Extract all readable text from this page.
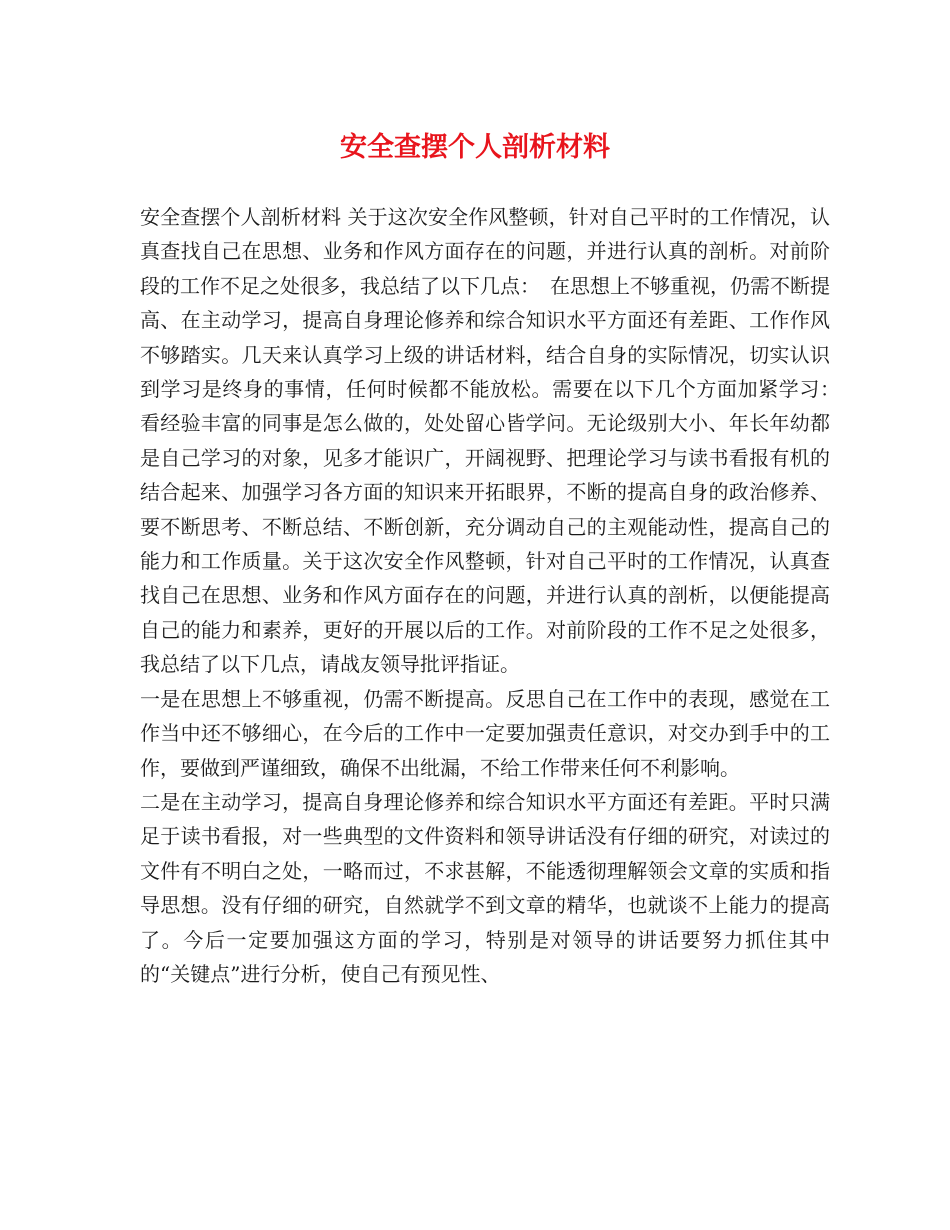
安全查摆个人剖析材料

安全查摆个人剖析材料 关于这次安全作风整顿，针对自己平时的工作情况，认真查找自己在思想、业务和作风方面存在的问题，并进行认真的剖析。对前阶段的工作不足之处很多，我总结了以下几点：　在思想上不够重视，仍需不断提高、在主动学习，提高自身理论修养和综合知识水平方面还有差距、工作作风不够踏实。几天来认真学习上级的讲话材料，结合自身的实际情况，切实认识到学习是终身的事情，任何时候都不能放松。需要在以下几个方面加紧学习：　看经验丰富的同事是怎么做的，处处留心皆学问。无论级别大小、年长年幼都是自己学习的对象，见多才能识广，开阔视野、把理论学习与读书看报有机的结合起来、加强学习各方面的知识来开拓眼界，不断的提高自身的政治修养、要不断思考、不断总结、不断创新，充分调动自己的主观能动性，提高自己的能力和工作质量。关于这次安全作风整顿，针对自己平时的工作情况，认真查找自己在思想、业务和作风方面存在的问题，并进行认真的剖析，以便能提高自己的能力和素养，更好的开展以后的工作。对前阶段的工作不足之处很多，我总结了以下几点，请战友领导批评指证。

一是在思想上不够重视，仍需不断提高。反思自己在工作中的表现，感觉在工作当中还不够细心，在今后的工作中一定要加强责任意识，对交办到手中的工作，要做到严谨细致，确保不出纰漏，不给工作带来任何不利影响。

二是在主动学习，提高自身理论修养和综合知识水平方面还有差距。平时只满足于读书看报，对一些典型的文件资料和领导讲话没有仔细的研究，对读过的文件有不明白之处，一略而过，不求甚解，不能透彻理解领会文章的实质和指导思想。没有仔细的研究，自然就学不到文章的精华，也就谈不上能力的提高了。今后一定要加强这方面的学习，特别是对领导的讲话要努力抓住其中的“关键点”进行分析，使自己有预见性、
